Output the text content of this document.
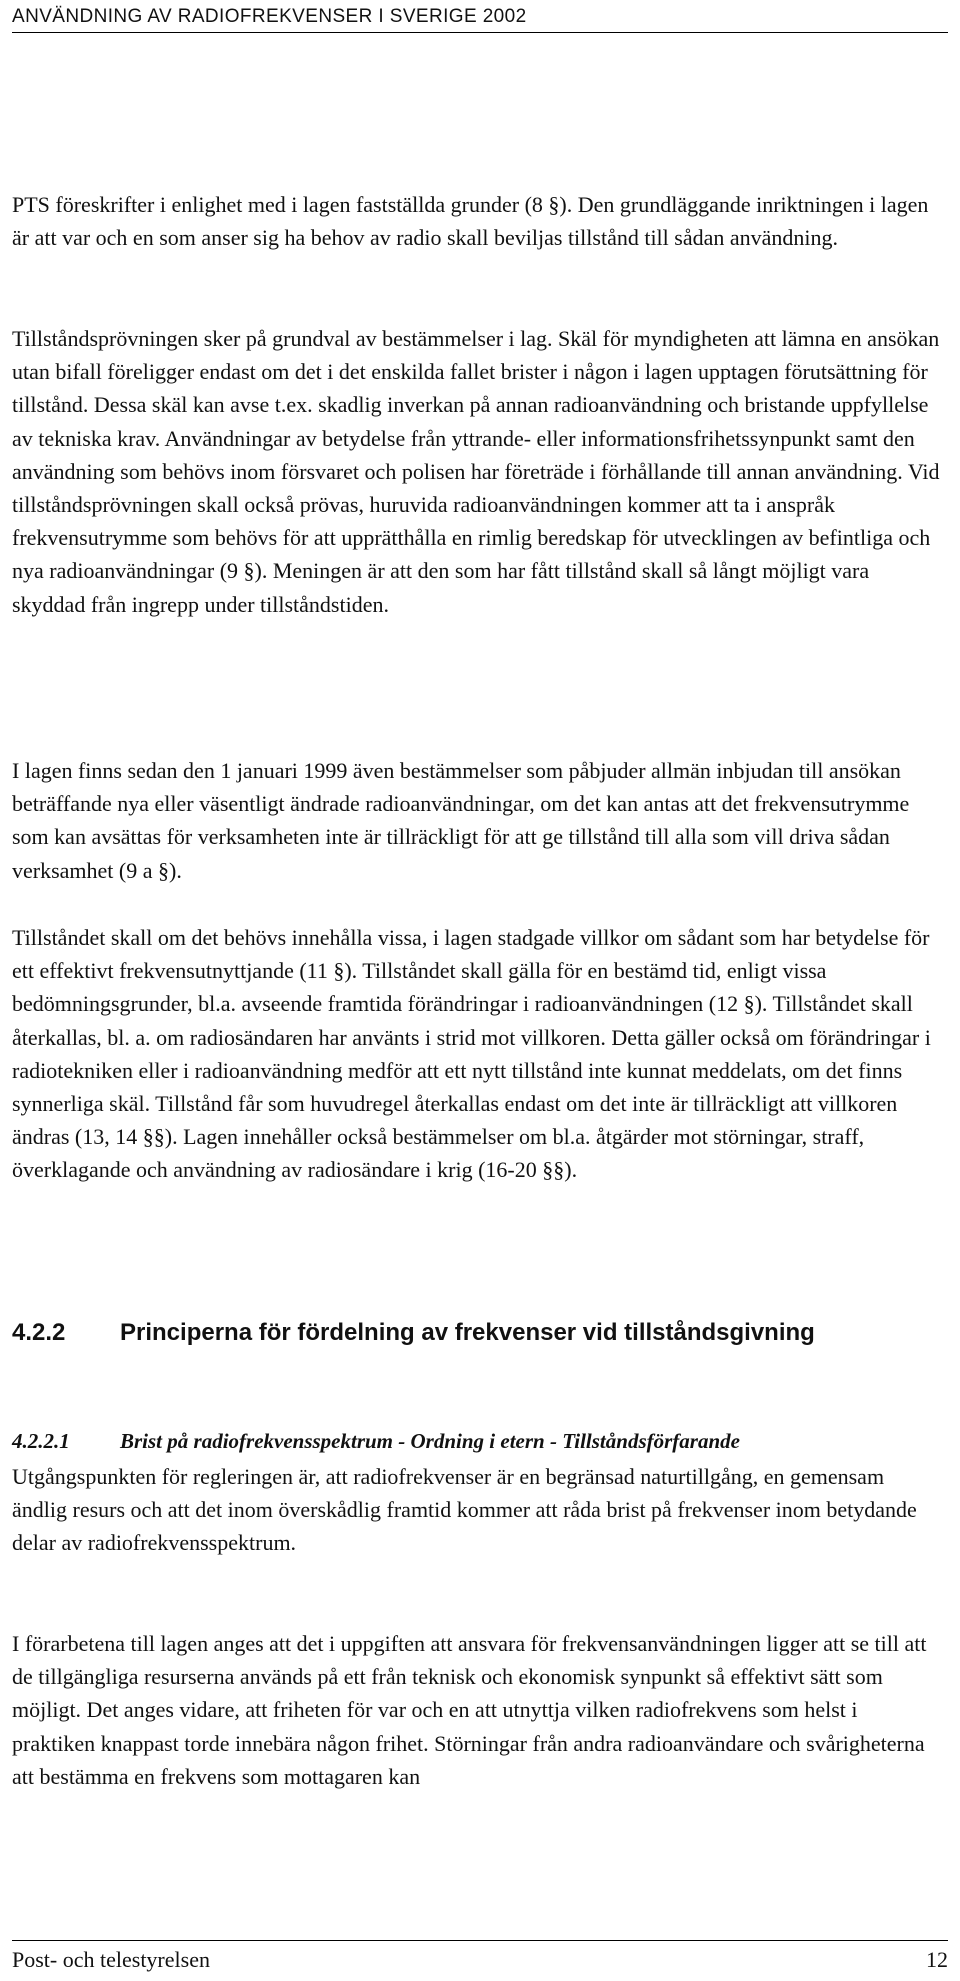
ANVÄNDNING AV RADIOFREKVENSER I SVERIGE 2002

PTS föreskrifter i enlighet med i lagen fastställda grunder (8 §). Den grundläggande inriktningen i lagen är att var och en som anser sig ha behov av radio skall beviljas tillstånd till sådan användning.

Tillståndsprövningen sker på grundval av bestämmelser i lag. Skäl för myndigheten att lämna en ansökan utan bifall föreligger endast om det i det enskilda fallet brister i någon i lagen upptagen förutsättning för tillstånd. Dessa skäl kan avse t.ex. skadlig inverkan på annan radioanvändning och bristande uppfyllelse av tekniska krav. Användningar av betydelse från yttrande- eller informationsfrihetssynpunkt samt den användning som behövs inom försvaret och polisen har företräde i förhållande till annan användning. Vid tillståndsprövningen skall också prövas, huruvida radioanvändningen kommer att ta i anspråk frekvensutrymme som behövs för att upprätthålla en rimlig beredskap för utvecklingen av befintliga och nya radioanvändningar (9 §). Meningen är att den som har fått tillstånd skall så långt möjligt vara skyddad från ingrepp under tillståndstiden.

I lagen finns sedan den 1 januari 1999 även bestämmelser som påbjuder allmän inbjudan till ansökan beträffande nya eller väsentligt ändrade radioanvändningar, om det kan antas att det frekvensutrymme som kan avsättas för verksamheten inte är tillräckligt för att ge tillstånd till alla som vill driva sådan verksamhet (9 a §).

Tillståndet skall om det behövs innehålla vissa, i lagen stadgade villkor om sådant som har betydelse för ett effektivt frekvensutnyttjande (11 §). Tillståndet skall gälla för en bestämd tid, enligt vissa bedömningsgrunder, bl.a. avseende framtida förändringar i radioanvändningen (12 §). Tillståndet skall återkallas, bl. a. om radiosändaren har använts i strid mot villkoren. Detta gäller också om förändringar i radiotekniken eller i radioanvändning medför att ett nytt tillstånd inte kunnat meddelats, om det finns synnerliga skäl. Tillstånd får som huvudregel återkallas endast om det inte är tillräckligt att villkoren ändras (13, 14 §§). Lagen innehåller också bestämmelser om bl.a. åtgärder mot störningar, straff, överklagande och användning av radiosändare i krig (16-20 §§).

4.2.2	Principerna för fördelning av frekvenser vid tillståndsgivning
4.2.2.1	Brist på radiofrekvensspektrum - Ordning i etern - Tillståndsförfarande

Utgångspunkten för regleringen är, att radiofrekvenser är en begränsad naturtillgång, en gemensam ändlig resurs och att det inom överskådlig framtid kommer att råda brist på frekvenser inom betydande delar av radiofrekvensspektrum.

I förarbetena till lagen anges att det i uppgiften att ansvara för frekvensanvändningen ligger att se till att de tillgängliga resurserna används på ett från teknisk och ekonomisk synpunkt så effektivt sätt som möjligt. Det anges vidare, att friheten för var och en att utnyttja vilken radiofrekvens som helst i praktiken knappast torde innebära någon frihet. Störningar från andra radioanvändare och svårigheterna att bestämma en frekvens som mottagaren kan

Post- och telestyrelsen	12
